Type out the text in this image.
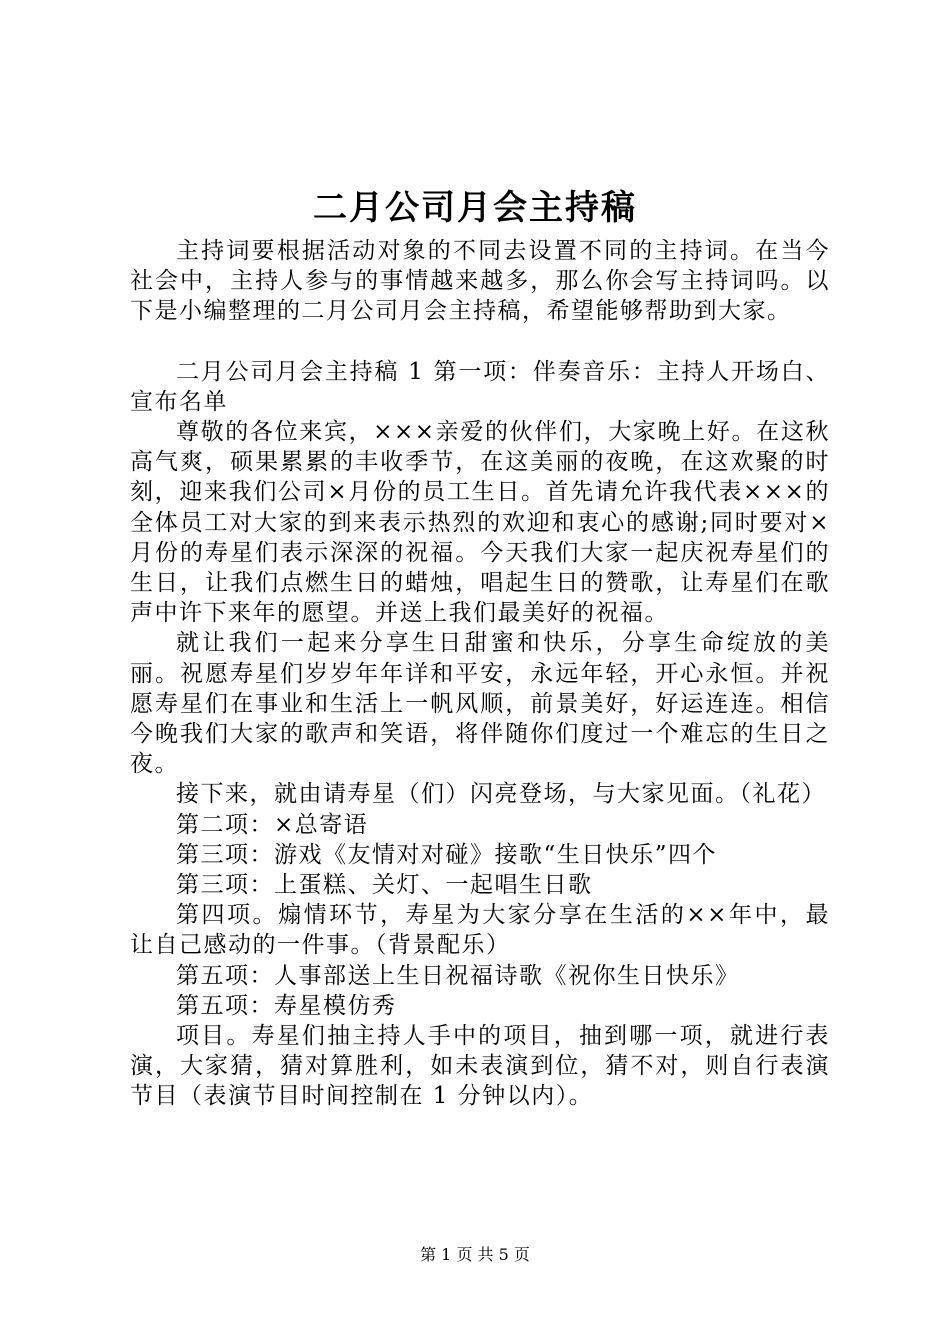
二月公司月会主持稿

主持词要根据活动对象的不同去设置不同的主持词。在当今社会中，主持人参与的事情越来越多，那么你会写主持词吗。以下是小编整理的二月公司月会主持稿，希望能够帮助到大家。

二月公司月会主持稿 1 第一项：伴奏音乐：主持人开场白、宣布名单

尊敬的各位来宾，×××亲爱的伙伴们，大家晚上好。在这秋高气爽，硕果累累的丰收季节，在这美丽的夜晚，在这欢聚的时刻，迎来我们公司×月份的员工生日。首先请允许我代表×××的全体员工对大家的到来表示热烈的欢迎和衷心的感谢;同时要对×月份的寿星们表示深深的祝福。今天我们大家一起庆祝寿星们的生日，让我们点燃生日的蜡烛，唱起生日的赞歌，让寿星们在歌声中许下来年的愿望。并送上我们最美好的祝福。

就让我们一起来分享生日甜蜜和快乐，分享生命绽放的美丽。祝愿寿星们岁岁年年详和平安，永远年轻，开心永恒。并祝愿寿星们在事业和生活上一帆风顺，前景美好，好运连连。相信今晚我们大家的歌声和笑语，将伴随你们度过一个难忘的生日之夜。

接下来，就由请寿星（们）闪亮登场，与大家见面。（礼花）

第二项：×总寄语

第三项：游戏《友情对对碰》接歌“生日快乐”四个

第三项：上蛋糕、关灯、一起唱生日歌

第四项。煽情环节，寿星为大家分享在生活的××年中，最让自己感动的一件事。（背景配乐）

第五项：人事部送上生日祝福诗歌《祝你生日快乐》

第五项：寿星模仿秀

项目。寿星们抽主持人手中的项目，抽到哪一项，就进行表演，大家猜，猜对算胜利，如未表演到位，猜不对，则自行表演节目（表演节目时间控制在 1 分钟以内）。

第 1 页 共 5 页
